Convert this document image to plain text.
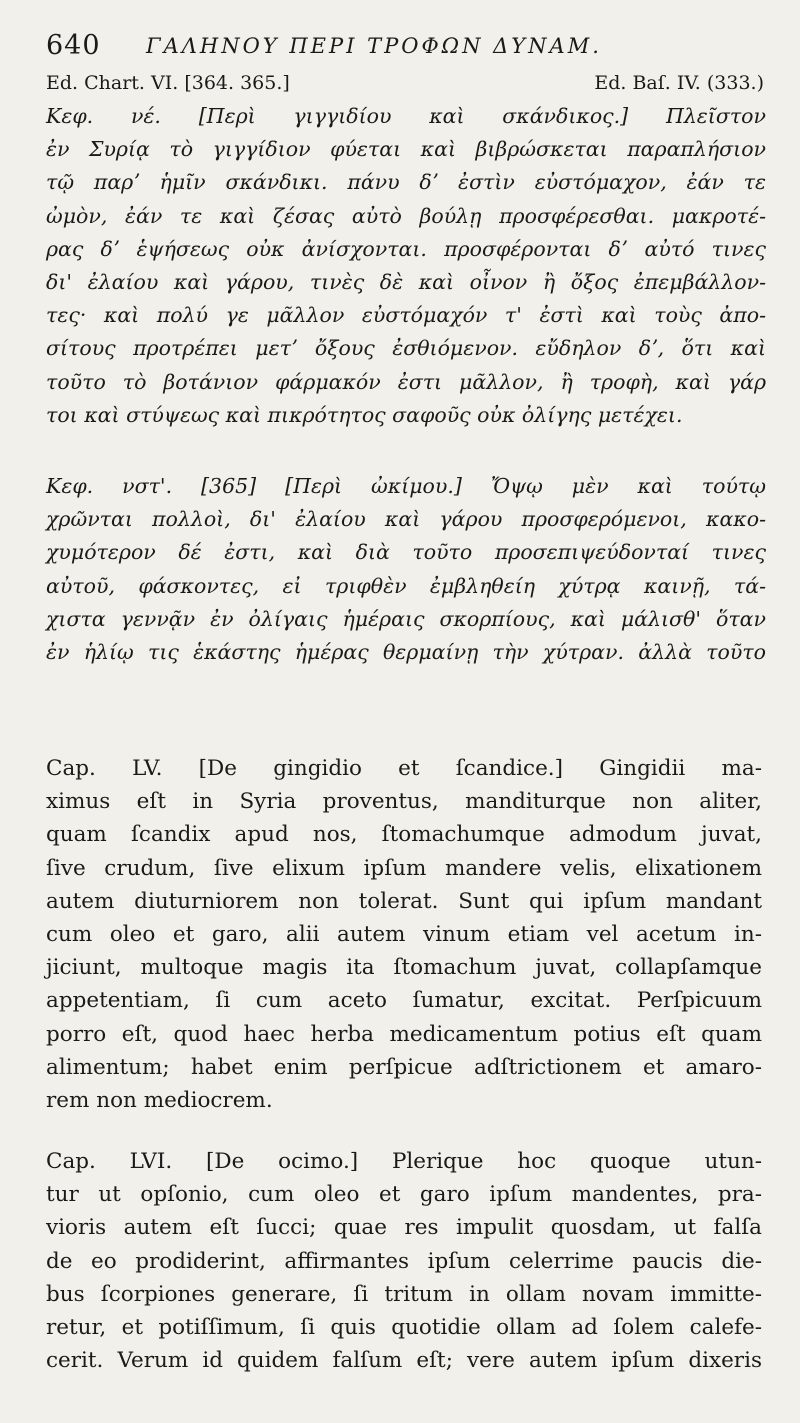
640 ΓΑΛΗΝΟΥ ΠΕΡΙ ΤΡΟΦΩΝ ΔΥΝΑΜ.
Ed. Chart. VI. [364. 365.]	Ed. Baſ. IV. (333.)
Κεφ. νέ. [Περὶ γιγγιδίου καὶ σκάνδικος.] Πλεῖστον
ἐν Συρίᾳ τὸ γιγγίδιον φύεται καὶ βιβρώσκεται παραπλήσιον
τῷ παρʼ ἡμῖν σκάνδικι. πάνυ δʼ ἐστὶν εὐστόμαχον, ἐάν τε
ὠμὸν, ἐάν τε καὶ ζέσας αὐτὸ βούλῃ προσφέρεσθαι. μακροτέ-
ρας δʼ ἑψήσεως οὐκ ἀνίσχονται. προσφέρονται δʼ αὐτό τινες
δι' ἐλαίου καὶ γάρου, τινὲς δὲ καὶ οἶνον ἢ ὄξος ἐπεμβάλλον-
τες· καὶ πολύ γε μᾶλλον εὐστόμαχόν τ' ἐστὶ καὶ τοὺς ἀπο-
σίτους προτρέπει μετʼ ὄξους ἐσθιόμενον. εὔδηλον δʼ, ὅτι καὶ
τοῦτο τὸ βοτάνιον φάρμακόν ἐστι μᾶλλον, ἢ τροφὴ, καὶ γάρ
τοι καὶ στύψεως καὶ πικρότητος σαφοῦς οὐκ ὀλίγης μετέχει.
Κεφ. νστ'. [365] [Περὶ ὠκίμου.] Ὄψῳ μὲν καὶ τούτῳ
χρῶνται πολλοὶ, δι' ἐλαίου καὶ γάρου προσφερόμενοι, κακο-
χυμότερον δέ ἐστι, καὶ διὰ τοῦτο προσεπιψεύδονταί τινες
αὐτοῦ, φάσκοντες, εἰ τριφθὲν ἐμβληθείη χύτρᾳ καινῇ, τά-
χιστα γεννᾷν ἐν ὀλίγαις ἡμέραις σκορπίους, καὶ μάλισθ' ὅταν
ἐν ἡλίῳ τις ἑκάστης ἡμέρας θερμαίνῃ τὴν χύτραν. ἀλλὰ τοῦτο
Cap. LV. [De gingidio et ſcandice.] Gingidii ma-
ximus eſt in Syria proventus, manditurque non aliter,
quam ſcandix apud nos, ſtomachumque admodum juvat,
ſive crudum, ſive elixum ipſum mandere velis, elixationem
autem diuturniorem non tolerat. Sunt qui ipſum mandant
cum oleo et garo, alii autem vinum etiam vel acetum in-
jiciunt, multoque magis ita ſtomachum juvat, collapſamque
appetentiam, ſi cum aceto ſumatur, excitat. Perſpicuum
porro eſt, quod haec herba medicamentum potius eſt quam
alimentum; habet enim perſpicue adſtrictionem et amaro-
rem non mediocrem.
Cap. LVI. [De ocimo.] Plerique hoc quoque utun-
tur ut opſonio, cum oleo et garo ipſum mandentes, pra-
vioris autem eſt ſucci; quae res impulit quosdam, ut falſa
de eo prodiderint, affirmantes ipſum celerrime paucis die-
bus ſcorpiones generare, ſi tritum in ollam novam immitte-
retur, et potiſſimum, ſi quis quotidie ollam ad ſolem calefe-
cerit. Verum id quidem falſum eſt; vere autem ipſum dixeris
